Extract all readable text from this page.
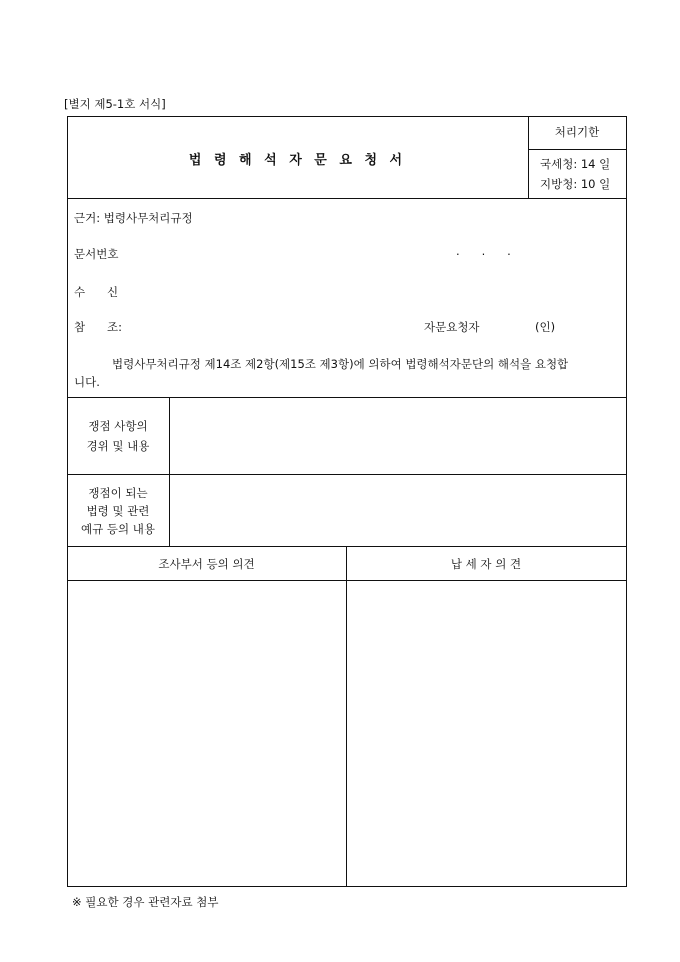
[별지 제5-1호 서식]
법 령 해 석 자 문 요 청 서
처리기한
국세청: 14 일
지방청: 10 일
근거: 법령사무처리규정
문서번호	.      .      .
수      신
참      조:	자문요청자	(인)
법령사무처리규정 제14조 제2항(제15조 제3항)에 의하여 법령해석자문단의 해석을 요청합
니다.
쟁점 사항의
경위 및 내용
쟁점이 되는
법령 및 관련
예규 등의 내용
조사부서 등의 의견	납 세 자 의 견
※ 필요한 경우 관련자료 첨부
